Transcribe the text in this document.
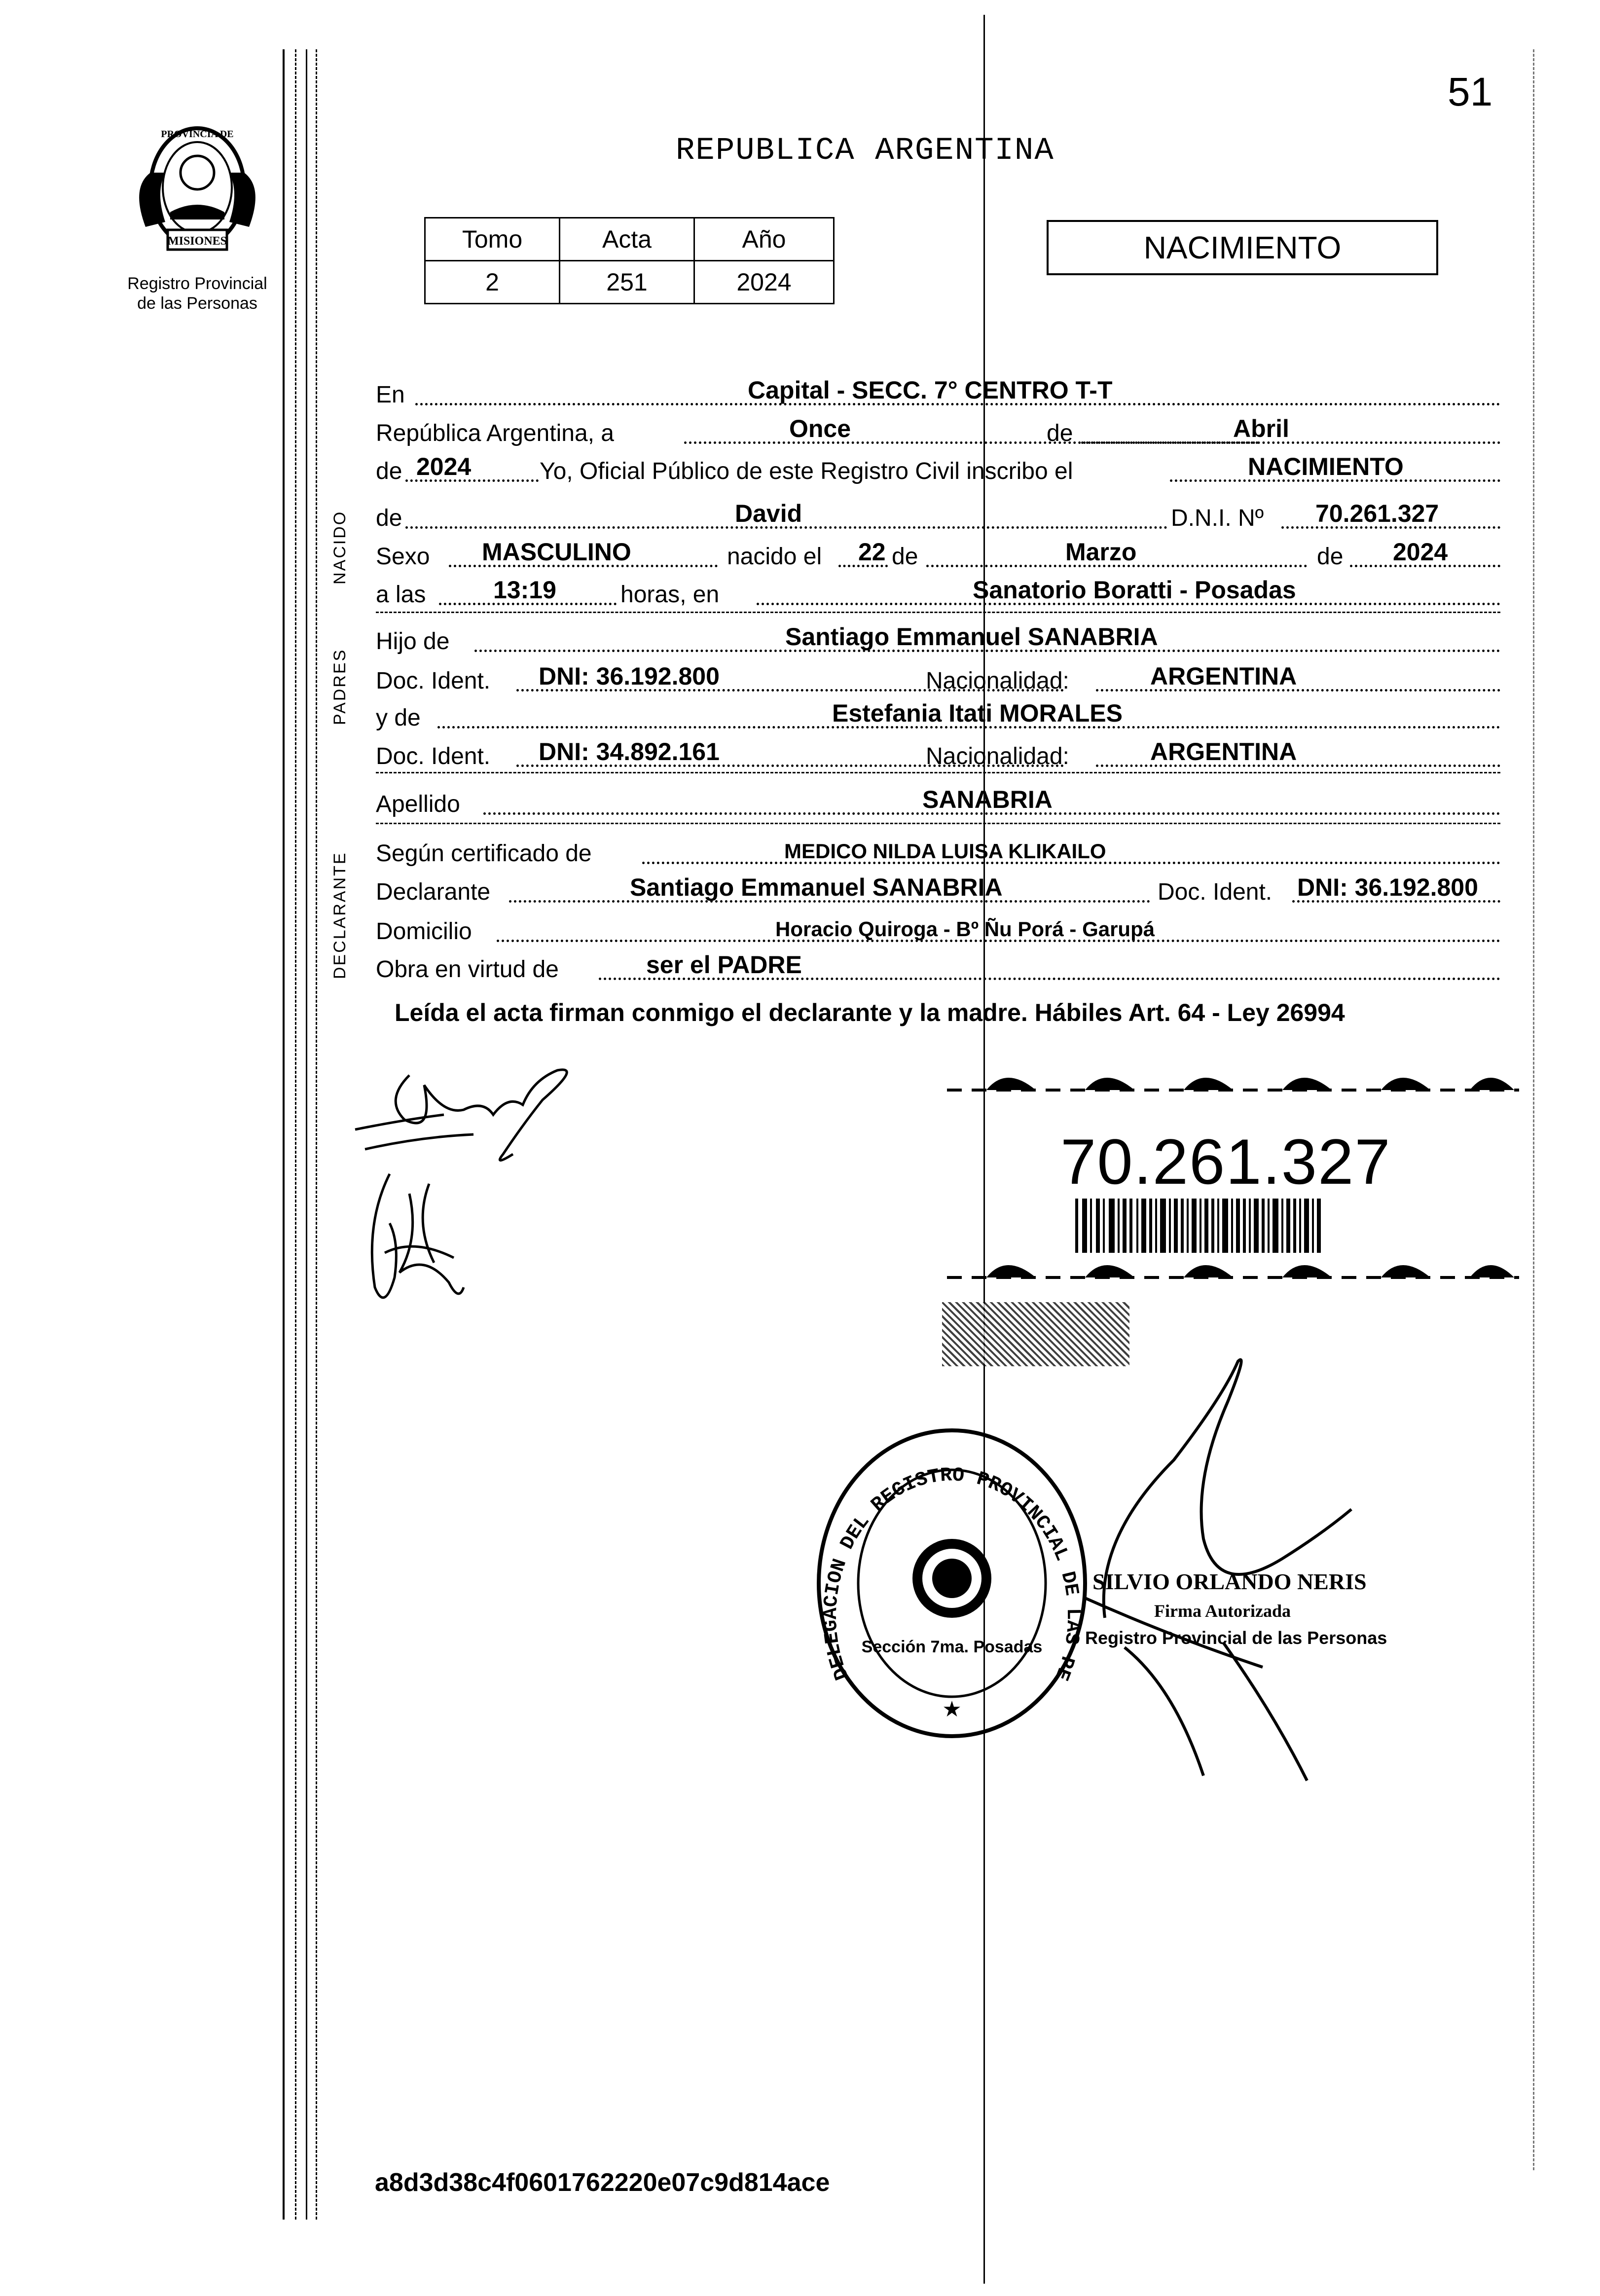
51
MISIONES
PROVINCIA DE
Registro Provincial
de las Personas
REPUBLICA ARGENTINA
Tomo	Acta	Año
2	251	2024
NACIMIENTO
En	Capital - SECC. 7° CENTRO T-T
República Argentina, a	Once	de	Abril
de 2024	Yo, Oficial Público de este Registro Civil inscribo el	NACIMIENTO
de	David	D.N.I. Nº 70.261.327
Sexo MASCULINO	nacido el 22 de	Marzo	de 2024
a las	13:19	horas, en	Sanatorio Boratti - Posadas
Hijo de	Santiago Emmanuel SANABRIA
Doc. Ident. DNI: 36.192.800	Nacionalidad:	ARGENTINA
y de	Estefania Itati MORALES
Doc. Ident. DNI: 34.892.161	Nacionalidad:	ARGENTINA
Apellido	SANABRIA
Según certificado de	MEDICO NILDA LUISA KLIKAILO
Declarante	Santiago Emmanuel SANABRIA	Doc. Ident. DNI: 36.192.800
Domicilio	Horacio Quiroga - Bº Ñu Porá - Garupá
Obra en virtud de	ser el PADRE
NACIDO
PADRES
DECLARANTE
Leída el acta firman conmigo el declarante y la madre. Hábiles Art. 64 - Ley 26994
70.261.327
DELEGACION DEL REGISTRO PROVINCIAL DE LAS PE
Sección 7ma. Posadas
★
SILVIO ORLANDO NERIS
Firma Autorizada
Registro Provincial de las Personas
a8d3d38c4f0601762220e07c9d814ace
